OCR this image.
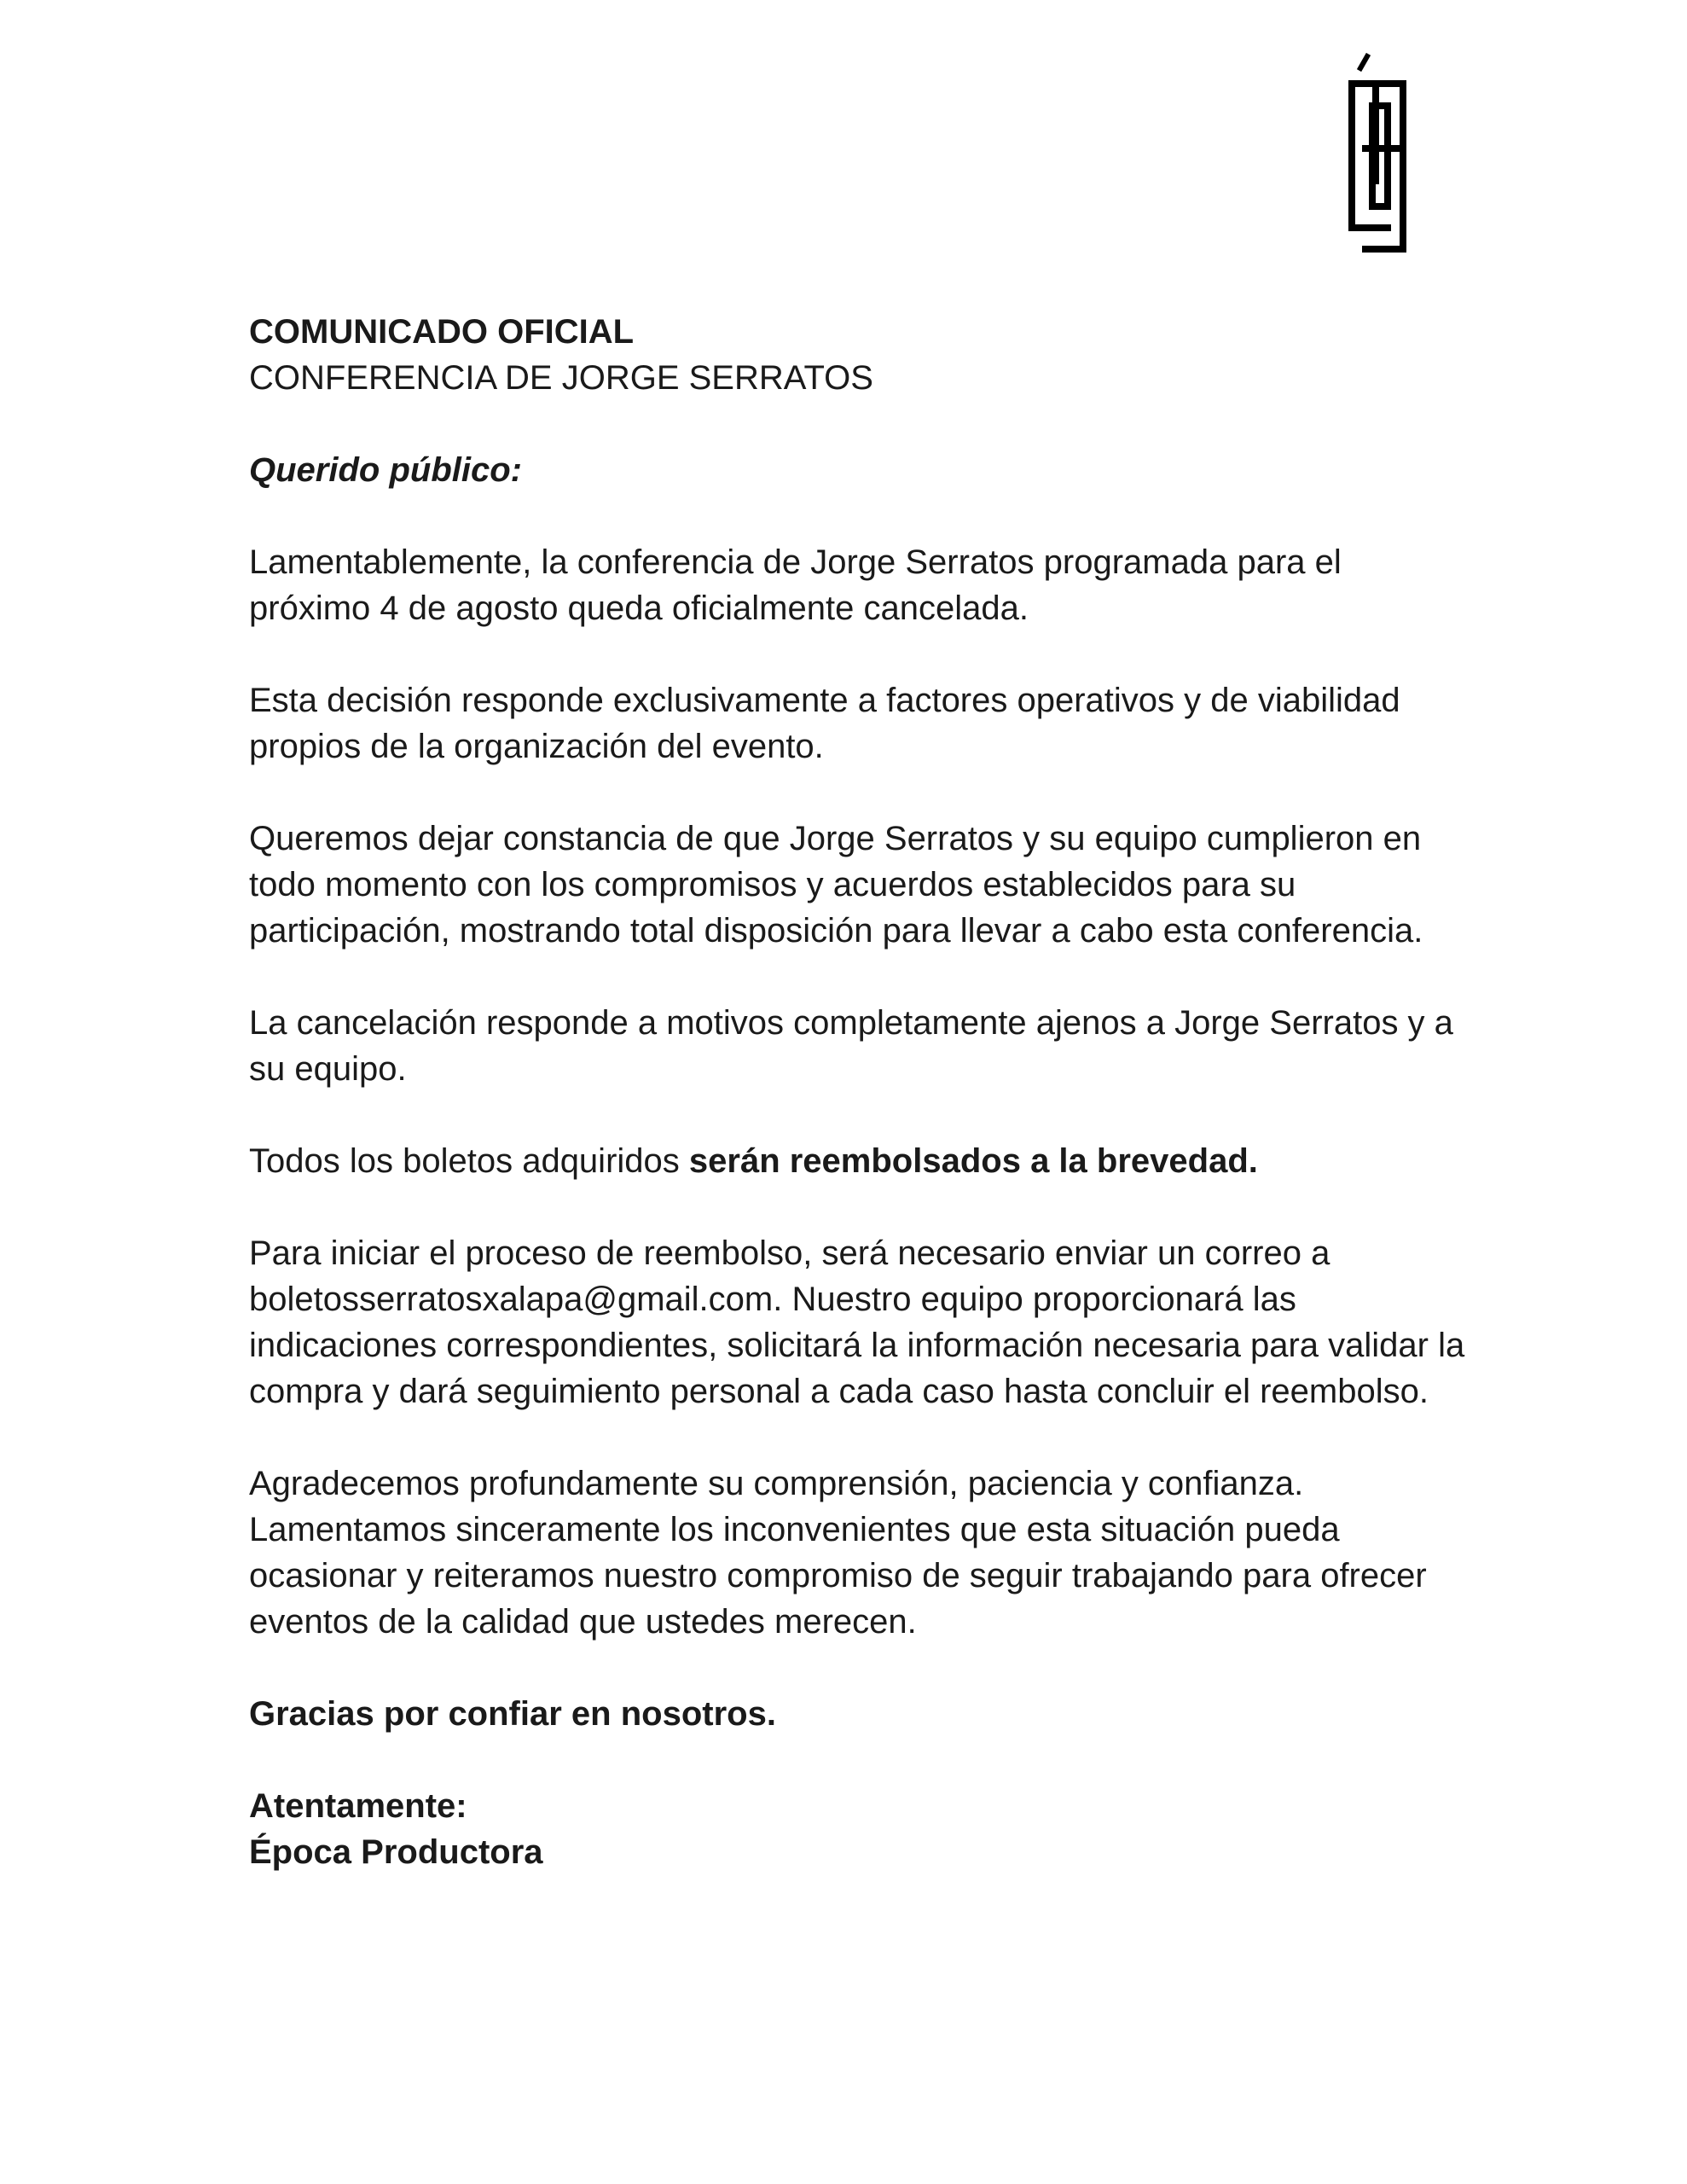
COMUNICADO OFICIAL

CONFERENCIA DE JORGE SERRATOS

Querido público:

Lamentablemente, la conferencia de Jorge Serratos programada para el próximo 4 de agosto queda oficialmente cancelada.

Esta decisión responde exclusivamente a factores operativos y de viabilidad propios de la organización del evento.

Queremos dejar constancia de que Jorge Serratos y su equipo cumplieron en todo momento con los compromisos y acuerdos establecidos para su participación, mostrando total disposición para llevar a cabo esta conferencia.

La cancelación responde a motivos completamente ajenos a Jorge Serratos y a su equipo.

Todos los boletos adquiridos serán reembolsados a la brevedad.

Para iniciar el proceso de reembolso, será necesario enviar un correo a boletosserratosxalapa@gmail.com. Nuestro equipo proporcionará las indicaciones correspondientes, solicitará la información necesaria para validar la compra y dará seguimiento personal a cada caso hasta concluir el reembolso.

Agradecemos profundamente su comprensión, paciencia y confianza. Lamentamos sinceramente los inconvenientes que esta situación pueda ocasionar y reiteramos nuestro compromiso de seguir trabajando para ofrecer eventos de la calidad que ustedes merecen.

Gracias por confiar en nosotros.

Atentamente:

Época Productora
